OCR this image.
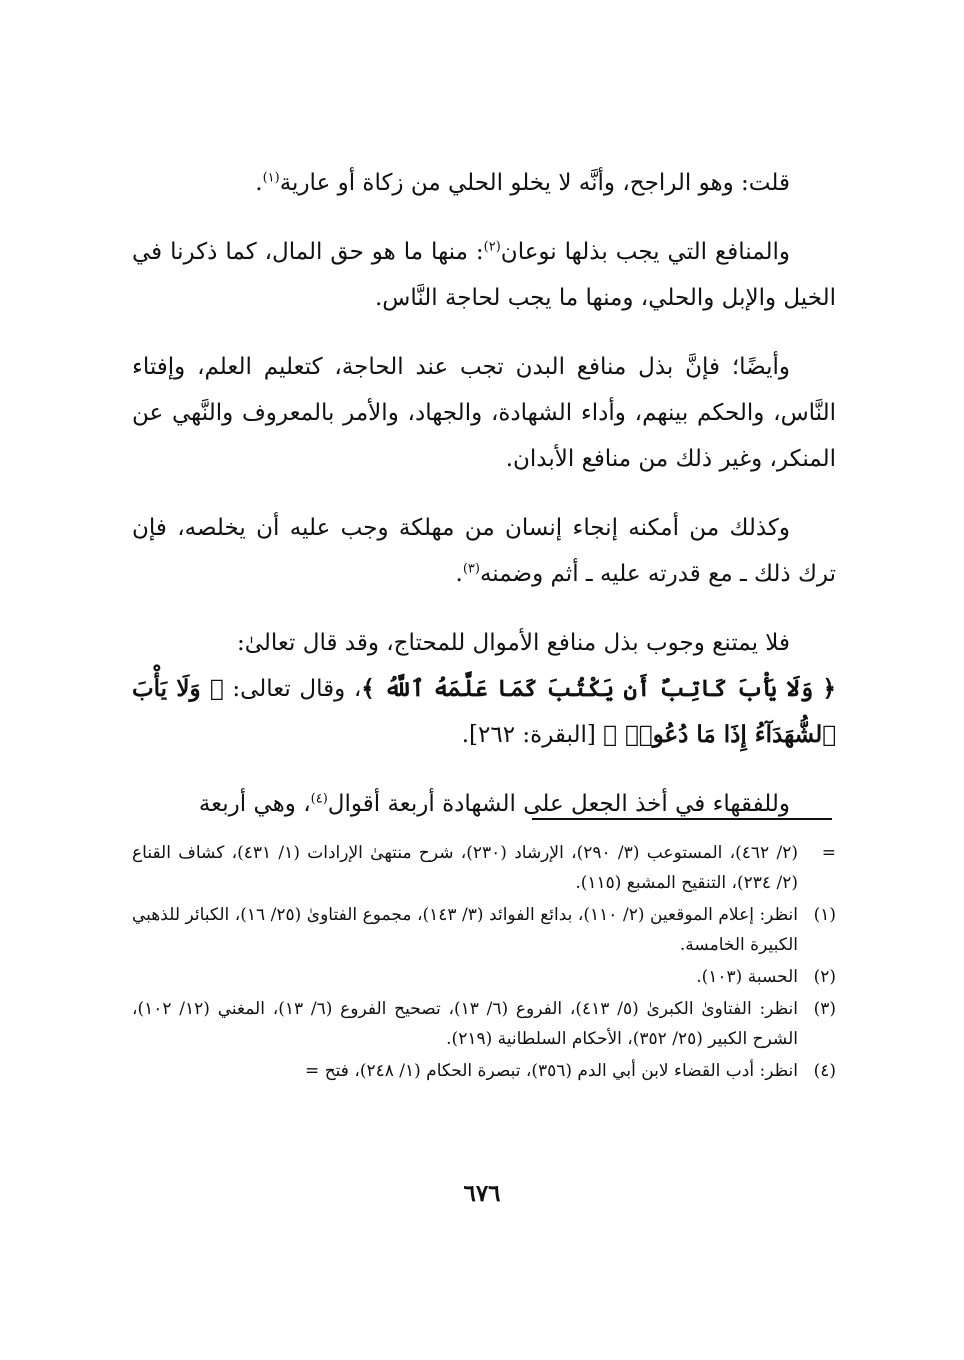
قلت: وهو الراجح، وأنَّه لا يخلو الحلي من زكاة أو عارية$^{(١)}$.

والمنافع التي يجب بذلها نوعان$^{(٢)}$: منها ما هو حق المال، كما ذكرنا في الخيل والإبل والحلي، ومنها ما يجب لحاجة النَّاس.

وأيضًا؛ فإنَّ بذل منافع البدن تجب عند الحاجة، كتعليم العلم، وإفتاء النَّاس، والحكم بينهم، وأداء الشهادة، والجهاد، والأمر بالمعروف والنَّهي عن المنكر، وغير ذلك من منافع الأبدان.

وكذلك من أمكنه إنجاء إنسان من مهلكة وجب عليه أن يخلصه، فإن ترك ذلك ـ مع قدرته عليه ـ أثم وضمنه$^{(٣)}$.

فلا يمتنع وجوب بذل منافع الأموال للمحتاج، وقد قال تعالىٰ:

﴿ وَلَا يَأْبَ كَاتِبٌ أَن يَكْتُبَ كَمَا عَلَّمَهُ ٱللَّهُ ﴾، وقال تعالى: ﴿ وَلَا يَأْبَ ٱلشُّهَدَآءُ إِذَا مَا دُعُوا۟ ﴾ [البقرة: ٢٦٢].

وللفقهاء في أخذ الجعل على الشهادة أربعة أقوال$^{(٤)}$، وهي أربعة

=
(٢/ ٤٦٢)، المستوعب (٣/ ٢٩٠)، الإرشاد (٢٣٠)، شرح منتهىٰ الإرادات (١/ ٤٣١)، كشاف القناع (٢/ ٢٣٤)، التنقيح المشبع (١١٥).
(١)
انظر: إعلام الموقعين (٢/ ١١٠)، بدائع الفوائد (٣/ ١٤٣)، مجموع الفتاوىٰ (٢٥/ ١٦)، الكبائر للذهبي الكبيرة الخامسة.
(٢)
الحسبة (١٠٣).
(٣)
انظر: الفتاوىٰ الكبرىٰ (٥/ ٤١٣)، الفروع (٦/ ١٣)، تصحيح الفروع (٦/ ١٣)، المغني (١٢/ ١٠٢)، الشرح الكبير (٢٥/ ٣٥٢)، الأحكام السلطانية (٢١٩).
(٤)
انظر: أدب القضاء لابن أبي الدم (٣٥٦)، تبصرة الحكام (١/ ٢٤٨)، فتح =
٦٧٦
